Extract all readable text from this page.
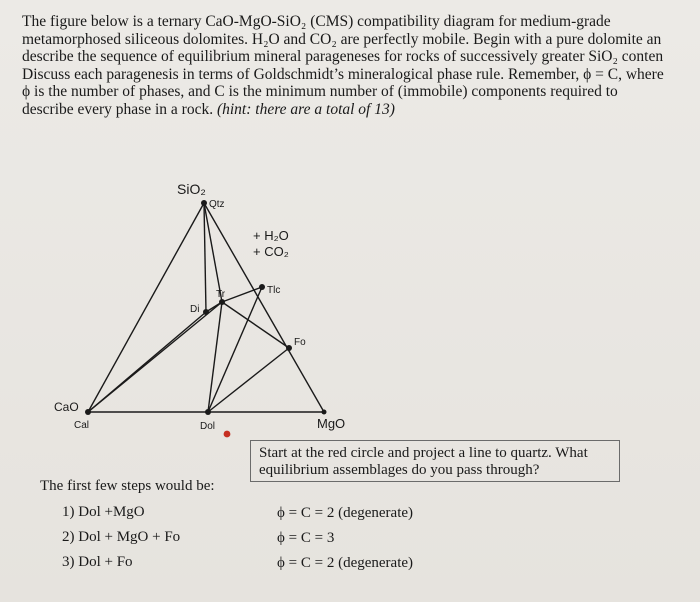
The figure below is a ternary CaO-MgO-SiO₂ (CMS) compatibility diagram for medium-grade
metamorphosed siliceous dolomites. H₂O and CO₂ are perfectly mobile. Begin with a pure dolomite an
describe the sequence of equilibrium mineral parageneses for rocks of successively greater SiO₂ conten
Discuss each paragenesis in terms of Goldschmidt’s mineralogical phase rule. Remember, ϕ = C, where
ϕ is the number of phases, and C is the minimum number of (immobile) components required to
describe every phase in a rock. (hint: there are a total of 13)
SiO₂
Qtz
+ H₂O
+ CO₂
Tlc
Tr
Di
Fo
CaO
Cal	Dol	MgO
Start at the red circle and project a line to quartz. What equilibrium assemblages do you pass through?
The first few steps would be:
1) Dol +MgO
2) Dol + MgO + Fo
3) Dol + Fo
ϕ = C = 2 (degenerate)
ϕ = C = 3
ϕ = C = 2 (degenerate)
